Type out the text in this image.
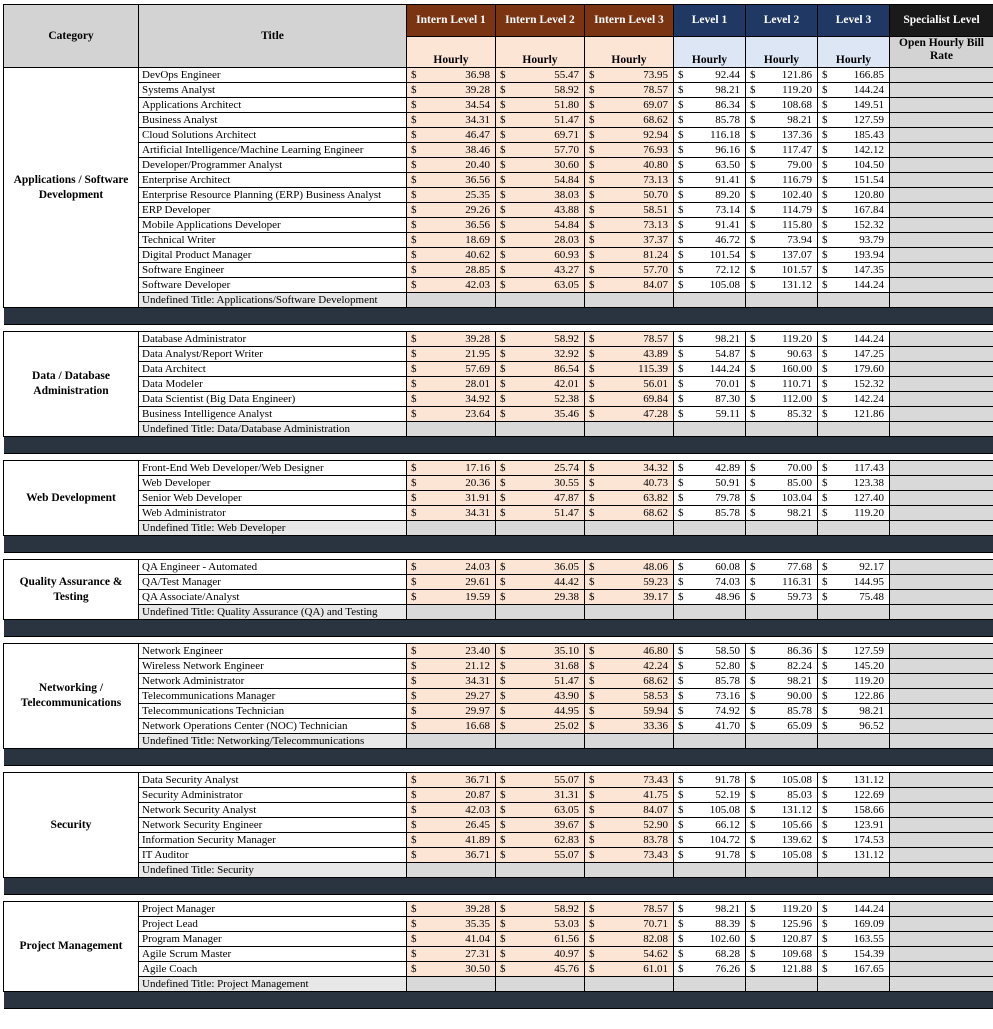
Category	Title	Intern Level 1	Intern Level 2	Intern Level 3	Level 1	Level 2	Level 3	Specialist Level
		Hourly	Hourly	Hourly	Hourly	Hourly	Hourly	Open Hourly Bill Rate
Applications / Software Development	DevOps Engineer	$ 36.98	$ 55.47	$ 73.95	$ 92.44	$ 121.86	$ 166.85	

	Systems Analyst	$ 39.28	$ 58.92	$ 78.57	$ 98.21	$ 119.20	$ 144.24	

	Applications Architect	$ 34.54	$ 51.80	$ 69.07	$ 86.34	$ 108.68	$ 149.51	

	Business Analyst	$ 34.31	$ 51.47	$ 68.62	$ 85.78	$ 98.21	$ 127.59	

	Cloud Solutions Architect	$ 46.47	$ 69.71	$ 92.94	$ 116.18	$ 137.36	$ 185.43	

	Artificial Intelligence/Machine Learning Engineer	$ 38.46	$ 57.70	$ 76.93	$ 96.16	$ 117.47	$ 142.12	

	Developer/Programmer Analyst	$ 20.40	$ 30.60	$ 40.80	$ 63.50	$ 79.00	$ 104.50	

	Enterprise Architect	$ 36.56	$ 54.84	$ 73.13	$ 91.41	$ 116.79	$ 151.54	

	Enterprise Resource Planning (ERP) Business Analyst	$ 25.35	$ 38.03	$ 50.70	$ 89.20	$ 102.40	$ 120.80	

	ERP Developer	$ 29.26	$ 43.88	$ 58.51	$ 73.14	$ 114.79	$ 167.84	

	Mobile Applications Developer	$ 36.56	$ 54.84	$ 73.13	$ 91.41	$ 115.80	$ 152.32	

	Technical Writer	$ 18.69	$ 28.03	$ 37.37	$ 46.72	$ 73.94	$ 93.79	

	Digital Product Manager	$ 40.62	$ 60.93	$ 81.24	$ 101.54	$ 137.07	$ 193.94	

	Software Engineer	$ 28.85	$ 43.27	$ 57.70	$ 72.12	$ 101.57	$ 147.35	

	Software Developer	$ 42.03	$ 63.05	$ 84.07	$ 105.08	$ 131.12	$ 144.24	

	Undefined Title: Applications/Software Development							

Data / Database Administration	Database Administrator	$ 39.28	$ 58.92	$ 78.57	$ 98.21	$ 119.20	$ 144.24	

	Data Analyst/Report Writer	$ 21.95	$ 32.92	$ 43.89	$ 54.87	$ 90.63	$ 147.25	

	Data Architect	$ 57.69	$ 86.54	$ 115.39	$ 144.24	$ 160.00	$ 179.60	

	Data Modeler	$ 28.01	$ 42.01	$ 56.01	$ 70.01	$ 110.71	$ 152.32	

	Data Scientist (Big Data Engineer)	$ 34.92	$ 52.38	$ 69.84	$ 87.30	$ 112.00	$ 142.24	

	Business Intelligence Analyst	$ 23.64	$ 35.46	$ 47.28	$ 59.11	$ 85.32	$ 121.86	

	Undefined Title: Data/Database Administration							

Web Development	Front-End Web Developer/Web Designer	$ 17.16	$ 25.74	$ 34.32	$ 42.89	$ 70.00	$ 117.43	

	Web Developer	$ 20.36	$ 30.55	$ 40.73	$ 50.91	$ 85.00	$ 123.38	

	Senior Web Developer	$ 31.91	$ 47.87	$ 63.82	$ 79.78	$ 103.04	$ 127.40	

	Web Administrator	$ 34.31	$ 51.47	$ 68.62	$ 85.78	$ 98.21	$ 119.20	

	Undefined Title: Web Developer							

Quality Assurance & Testing	QA Engineer - Automated	$ 24.03	$ 36.05	$ 48.06	$ 60.08	$ 77.68	$ 92.17	

	QA/Test Manager	$ 29.61	$ 44.42	$ 59.23	$ 74.03	$ 116.31	$ 144.95	

	QA Associate/Analyst	$ 19.59	$ 29.38	$ 39.17	$ 48.96	$ 59.73	$ 75.48	

	Undefined Title: Quality Assurance (QA) and Testing							

Networking / Telecommunications	Network Engineer	$ 23.40	$ 35.10	$ 46.80	$ 58.50	$ 86.36	$ 127.59	

	Wireless Network Engineer	$ 21.12	$ 31.68	$ 42.24	$ 52.80	$ 82.24	$ 145.20	

	Network Administrator	$ 34.31	$ 51.47	$ 68.62	$ 85.78	$ 98.21	$ 119.20	

	Telecommunications Manager	$ 29.27	$ 43.90	$ 58.53	$ 73.16	$ 90.00	$ 122.86	

	Telecommunications Technician	$ 29.97	$ 44.95	$ 59.94	$ 74.92	$ 85.78	$ 98.21	

	Network Operations Center (NOC) Technician	$ 16.68	$ 25.02	$ 33.36	$ 41.70	$ 65.09	$ 96.52	

	Undefined Title: Networking/Telecommunications							

Security	Data Security Analyst	$ 36.71	$ 55.07	$ 73.43	$ 91.78	$ 105.08	$ 131.12	

	Security Administrator	$ 20.87	$ 31.31	$ 41.75	$ 52.19	$ 85.03	$ 122.69	

	Network Security Analyst	$ 42.03	$ 63.05	$ 84.07	$ 105.08	$ 131.12	$ 158.66	

	Network Security Engineer	$ 26.45	$ 39.67	$ 52.90	$ 66.12	$ 105.66	$ 123.91	

	Information Security Manager	$ 41.89	$ 62.83	$ 83.78	$ 104.72	$ 139.62	$ 174.53	

	IT Auditor	$ 36.71	$ 55.07	$ 73.43	$ 91.78	$ 105.08	$ 131.12	

	Undefined Title: Security							

Project Management	Project Manager	$ 39.28	$ 58.92	$ 78.57	$ 98.21	$ 119.20	$ 144.24	

	Project Lead	$ 35.35	$ 53.03	$ 70.71	$ 88.39	$ 125.96	$ 169.09	

	Program Manager	$ 41.04	$ 61.56	$ 82.08	$ 102.60	$ 120.87	$ 163.55	

	Agile Scrum Master	$ 27.31	$ 40.97	$ 54.62	$ 68.28	$ 109.68	$ 154.39	

	Agile Coach	$ 30.50	$ 45.76	$ 61.01	$ 76.26	$ 121.88	$ 167.65	

	Undefined Title: Project Management							
